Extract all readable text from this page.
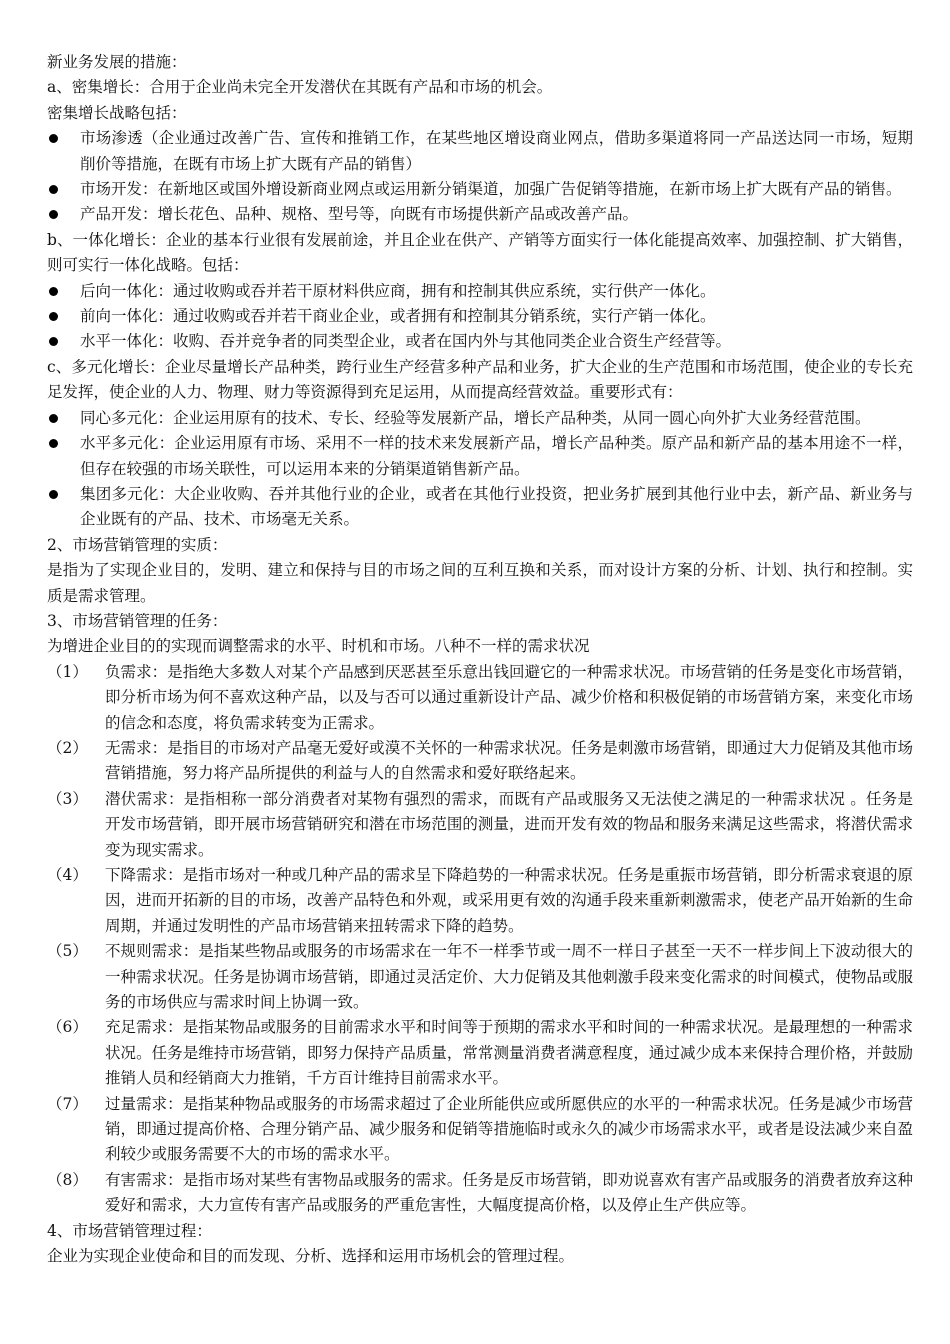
新业务发展的措施：

a、密集增长：合用于企业尚未完全开发潜伏在其既有产品和市场的机会。

密集增长战略包括：

市场渗透（企业通过改善广告、宣传和推销工作，在某些地区增设商业网点，借助多渠道将同一产品送达同一市场，短期削价等措施，在既有市场上扩大既有产品的销售）
市场开发：在新地区或国外增设新商业网点或运用新分销渠道，加强广告促销等措施，在新市场上扩大既有产品的销售。
产品开发：增长花色、品种、规格、型号等，向既有市场提供新产品或改善产品。

b、一体化增长：企业的基本行业很有发展前途，并且企业在供产、产销等方面实行一体化能提高效率、加强控制、扩大销售，则可实行一体化战略。包括：

后向一体化：通过收购或吞并若干原材料供应商，拥有和控制其供应系统，实行供产一体化。
前向一体化：通过收购或吞并若干商业企业，或者拥有和控制其分销系统，实行产销一体化。
水平一体化：收购、吞并竞争者的同类型企业，或者在国内外与其他同类企业合资生产经营等。

c、多元化增长：企业尽量增长产品种类，跨行业生产经营多种产品和业务，扩大企业的生产范围和市场范围，使企业的专长充足发挥，使企业的人力、物理、财力等资源得到充足运用，从而提高经营效益。重要形式有：

同心多元化：企业运用原有的技术、专长、经验等发展新产品，增长产品种类，从同一圆心向外扩大业务经营范围。
水平多元化：企业运用原有市场、采用不一样的技术来发展新产品，增长产品种类。原产品和新产品的基本用途不一样，但存在较强的市场关联性，可以运用本来的分销渠道销售新产品。
集团多元化：大企业收购、吞并其他行业的企业，或者在其他行业投资，把业务扩展到其他行业中去，新产品、新业务与企业既有的产品、技术、市场毫无关系。

2、市场营销管理的实质：

是指为了实现企业目的，发明、建立和保持与目的市场之间的互利互换和关系，而对设计方案的分析、计划、执行和控制。实质是需求管理。

3、市场营销管理的任务：

为增进企业目的的实现而调整需求的水平、时机和市场。八种不一样的需求状况

（1）	负需求：是指绝大多数人对某个产品感到厌恶甚至乐意出钱回避它的一种需求状况。市场营销的任务是变化市场营销，即分析市场为何不喜欢这种产品，以及与否可以通过重新设计产品、减少价格和积极促销的市场营销方案，来变化市场的信念和态度，将负需求转变为正需求。
（2）	无需求：是指目的市场对产品毫无爱好或漠不关怀的一种需求状况。任务是刺激市场营销，即通过大力促销及其他市场营销措施，努力将产品所提供的利益与人的自然需求和爱好联络起来。
（3）	潜伏需求：是指相称一部分消费者对某物有强烈的需求，而既有产品或服务又无法使之满足的一种需求状况 。任务是开发市场营销，即开展市场营销研究和潜在市场范围的测量，进而开发有效的物品和服务来满足这些需求，将潜伏需求变为现实需求。
（4）	下降需求：是指市场对一种或几种产品的需求呈下降趋势的一种需求状况。任务是重振市场营销，即分析需求衰退的原因，进而开拓新的目的市场，改善产品特色和外观，或采用更有效的沟通手段来重新刺激需求，使老产品开始新的生命周期，并通过发明性的产品市场营销来扭转需求下降的趋势。
（5）	不规则需求：是指某些物品或服务的市场需求在一年不一样季节或一周不一样日子甚至一天不一样步间上下波动很大的一种需求状况。任务是协调市场营销，即通过灵活定价、大力促销及其他刺激手段来变化需求的时间模式，使物品或服务的市场供应与需求时间上协调一致。
（6）	充足需求：是指某物品或服务的目前需求水平和时间等于预期的需求水平和时间的一种需求状况。是最理想的一种需求状况。任务是维持市场营销，即努力保持产品质量，常常测量消费者满意程度，通过减少成本来保持合理价格，并鼓励推销人员和经销商大力推销，千方百计维持目前需求水平。
（7）	过量需求：是指某种物品或服务的市场需求超过了企业所能供应或所愿供应的水平的一种需求状况。任务是减少市场营销，即通过提高价格、合理分销产品、减少服务和促销等措施临时或永久的减少市场需求水平，或者是设法减少来自盈利较少或服务需要不大的市场的需求水平。
（8）	有害需求：是指市场对某些有害物品或服务的需求。任务是反市场营销，即劝说喜欢有害产品或服务的消费者放弃这种爱好和需求，大力宣传有害产品或服务的严重危害性，大幅度提高价格，以及停止生产供应等。

4、市场营销管理过程：

企业为实现企业使命和目的而发现、分析、选择和运用市场机会的管理过程。
